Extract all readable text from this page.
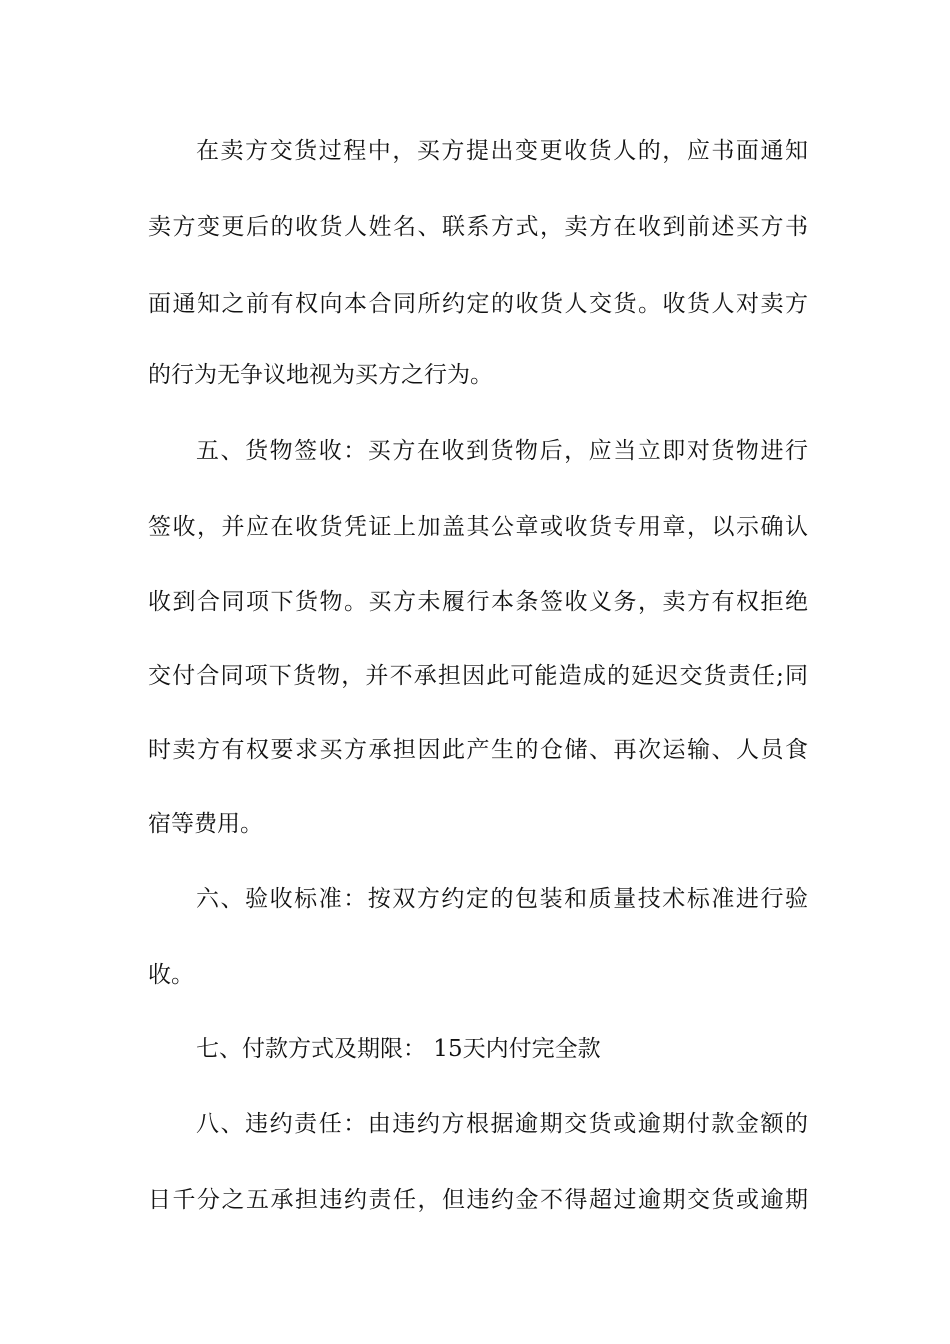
在卖方交货过程中，买方提出变更收货人的，应书面通知
卖方变更后的收货人姓名、联系方式，卖方在收到前述买方书
面通知之前有权向本合同所约定的收货人交货。收货人对卖方
的行为无争议地视为买方之行为。
五、货物签收：买方在收到货物后，应当立即对货物进行
签收，并应在收货凭证上加盖其公章或收货专用章，以示确认
收到合同项下货物。买方未履行本条签收义务，卖方有权拒绝
交付合同项下货物，并不承担因此可能造成的延迟交货责任;同
时卖方有权要求买方承担因此产生的仓储、再次运输、人员食
宿等费用。
六、验收标准：按双方约定的包装和质量技术标准进行验
收。
七、付款方式及期限： 15天内付完全款
八、违约责任：由违约方根据逾期交货或逾期付款金额的
日千分之五承担违约责任，但违约金不得超过逾期交货或逾期
